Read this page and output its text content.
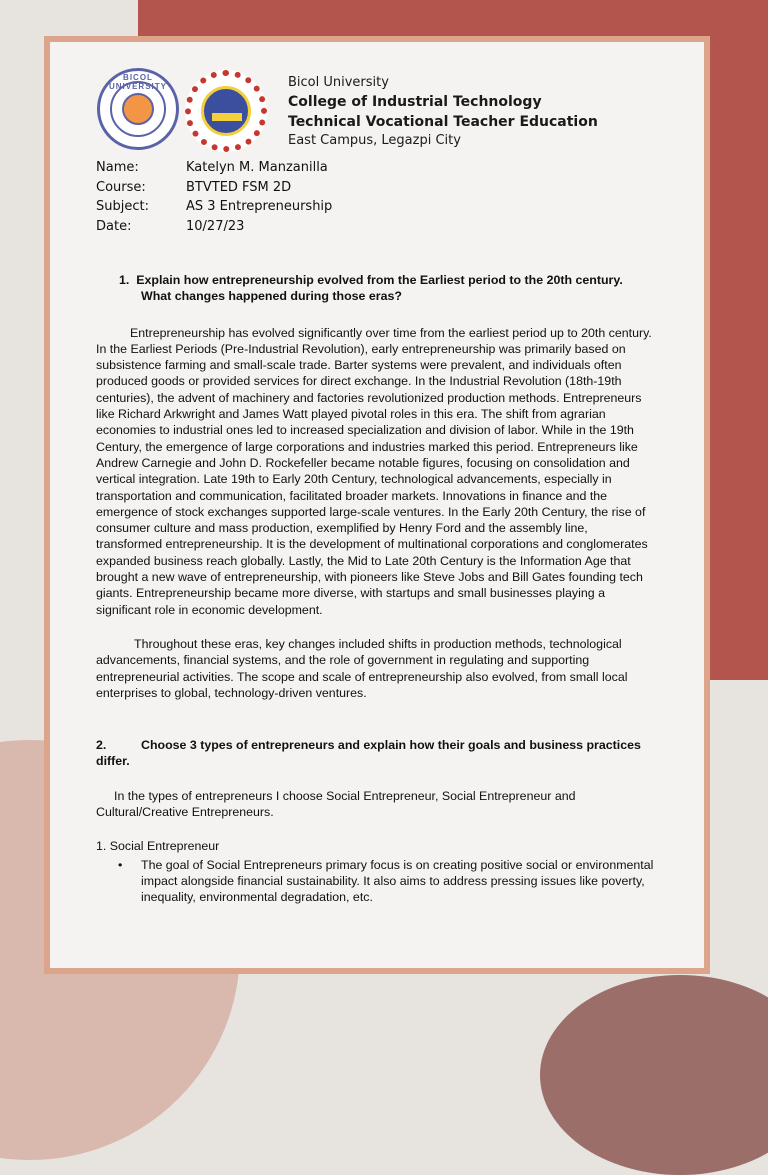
BICOL UNIVERSITY	Bicol University
College of Industrial Technology
Technical Vocational Teacher Education
East Campus, Legazpi City
Name:	Katelyn M. Manzanilla
Course:	BTVTED FSM 2D
Subject:	AS 3 Entrepreneurship
Date:	10/27/23
1. Explain how entrepreneurship evolved from the Earliest period to the 20th century. What changes happened during those eras?
Entrepreneurship has evolved significantly over time from the earliest period up to 20th century. In the Earliest Periods (Pre-Industrial Revolution), early entrepreneurship was primarily based on subsistence farming and small-scale trade. Barter systems were prevalent, and individuals often produced goods or provided services for direct exchange. In the Industrial Revolution (18th-19th centuries), the advent of machinery and factories revolutionized production methods. Entrepreneurs like Richard Arkwright and James Watt played pivotal roles in this era. The shift from agrarian economies to industrial ones led to increased specialization and division of labor. While in the 19th Century, the emergence of large corporations and industries marked this period. Entrepreneurs like Andrew Carnegie and John D. Rockefeller became notable figures, focusing on consolidation and vertical integration. Late 19th to Early 20th Century, technological advancements, especially in transportation and communication, facilitated broader markets. Innovations in finance and the emergence of stock exchanges supported large-scale ventures. In the Early 20th Century, the rise of consumer culture and mass production, exemplified by Henry Ford and the assembly line, transformed entrepreneurship. It is the development of multinational corporations and conglomerates expanded business reach globally. Lastly, the Mid to Late 20th Century is the Information Age that brought a new wave of entrepreneurship, with pioneers like Steve Jobs and Bill Gates founding tech giants. Entrepreneurship became more diverse, with startups and small businesses playing a significant role in economic development.
Throughout these eras, key changes included shifts in production methods, technological advancements, financial systems, and the role of government in regulating and supporting entrepreneurial activities. The scope and scale of entrepreneurship also evolved, from small local enterprises to global, technology-driven ventures.
2.	Choose 3 types of entrepreneurs and explain how their goals and business practices differ.
In the types of entrepreneurs I choose Social Entrepreneur, Social Entrepreneur and Cultural/Creative Entrepreneurs.
1. Social Entrepreneur
• The goal of Social Entrepreneurs primary focus is on creating positive social or environmental impact alongside financial sustainability. It also aims to address pressing issues like poverty, inequality, environmental degradation, etc.
